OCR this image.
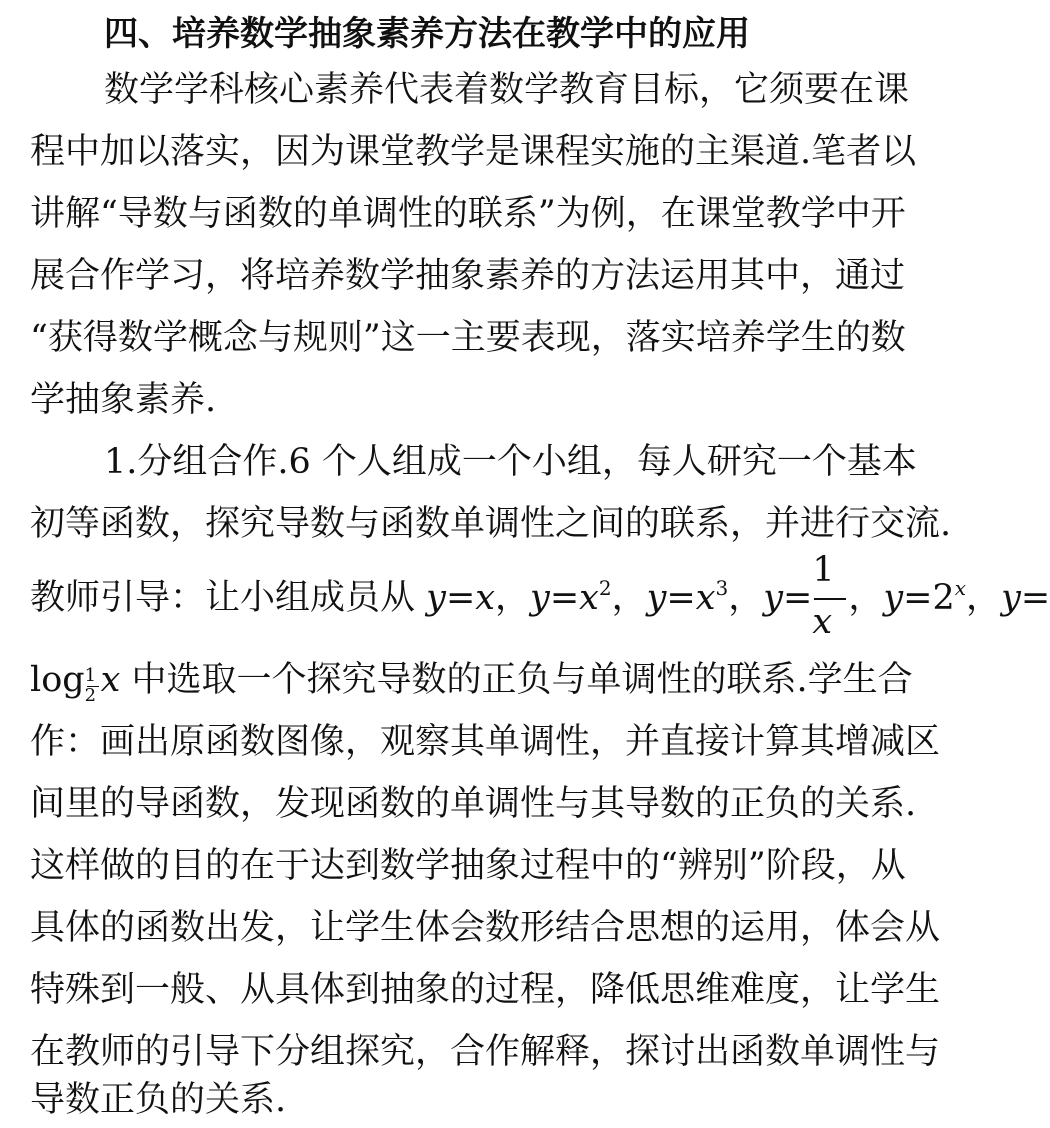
四、培养数学抽象素养方法在教学中的应用
数学学科核心素养代表着数学教育目标，它须要在课
程中加以落实，因为课堂教学是课程实施的主渠道.笔者以
讲解“导数与函数的单调性的联系”为例，在课堂教学中开
展合作学习，将培养数学抽象素养的方法运用其中，通过
“获得数学概念与规则”这一主要表现，落实培养学生的数
学抽象素养.
1.分组合作.6 个人组成一个小组，每人研究一个基本
初等函数，探究导数与函数单调性之间的联系，并进行交流.
教师引导：让小组成员从 y=x，$y=x^2$，$y=x^3$，$y= \frac{1}{x}$ ，$y=2^x$，y=
$\log \frac{1}{2}$ x 中选取一个探究导数的正负与单调性的联系.学生合
作：画出原函数图像，观察其单调性，并直接计算其增减区
间里的导函数，发现函数的单调性与其导数的正负的关系.
这样做的目的在于达到数学抽象过程中的“辨别”阶段，从
具体的函数出发，让学生体会数形结合思想的运用，体会从
特殊到一般、从具体到抽象的过程，降低思维难度，让学生
在教师的引导下分组探究，合作解释，探讨出函数单调性与
导数正负的关系.
